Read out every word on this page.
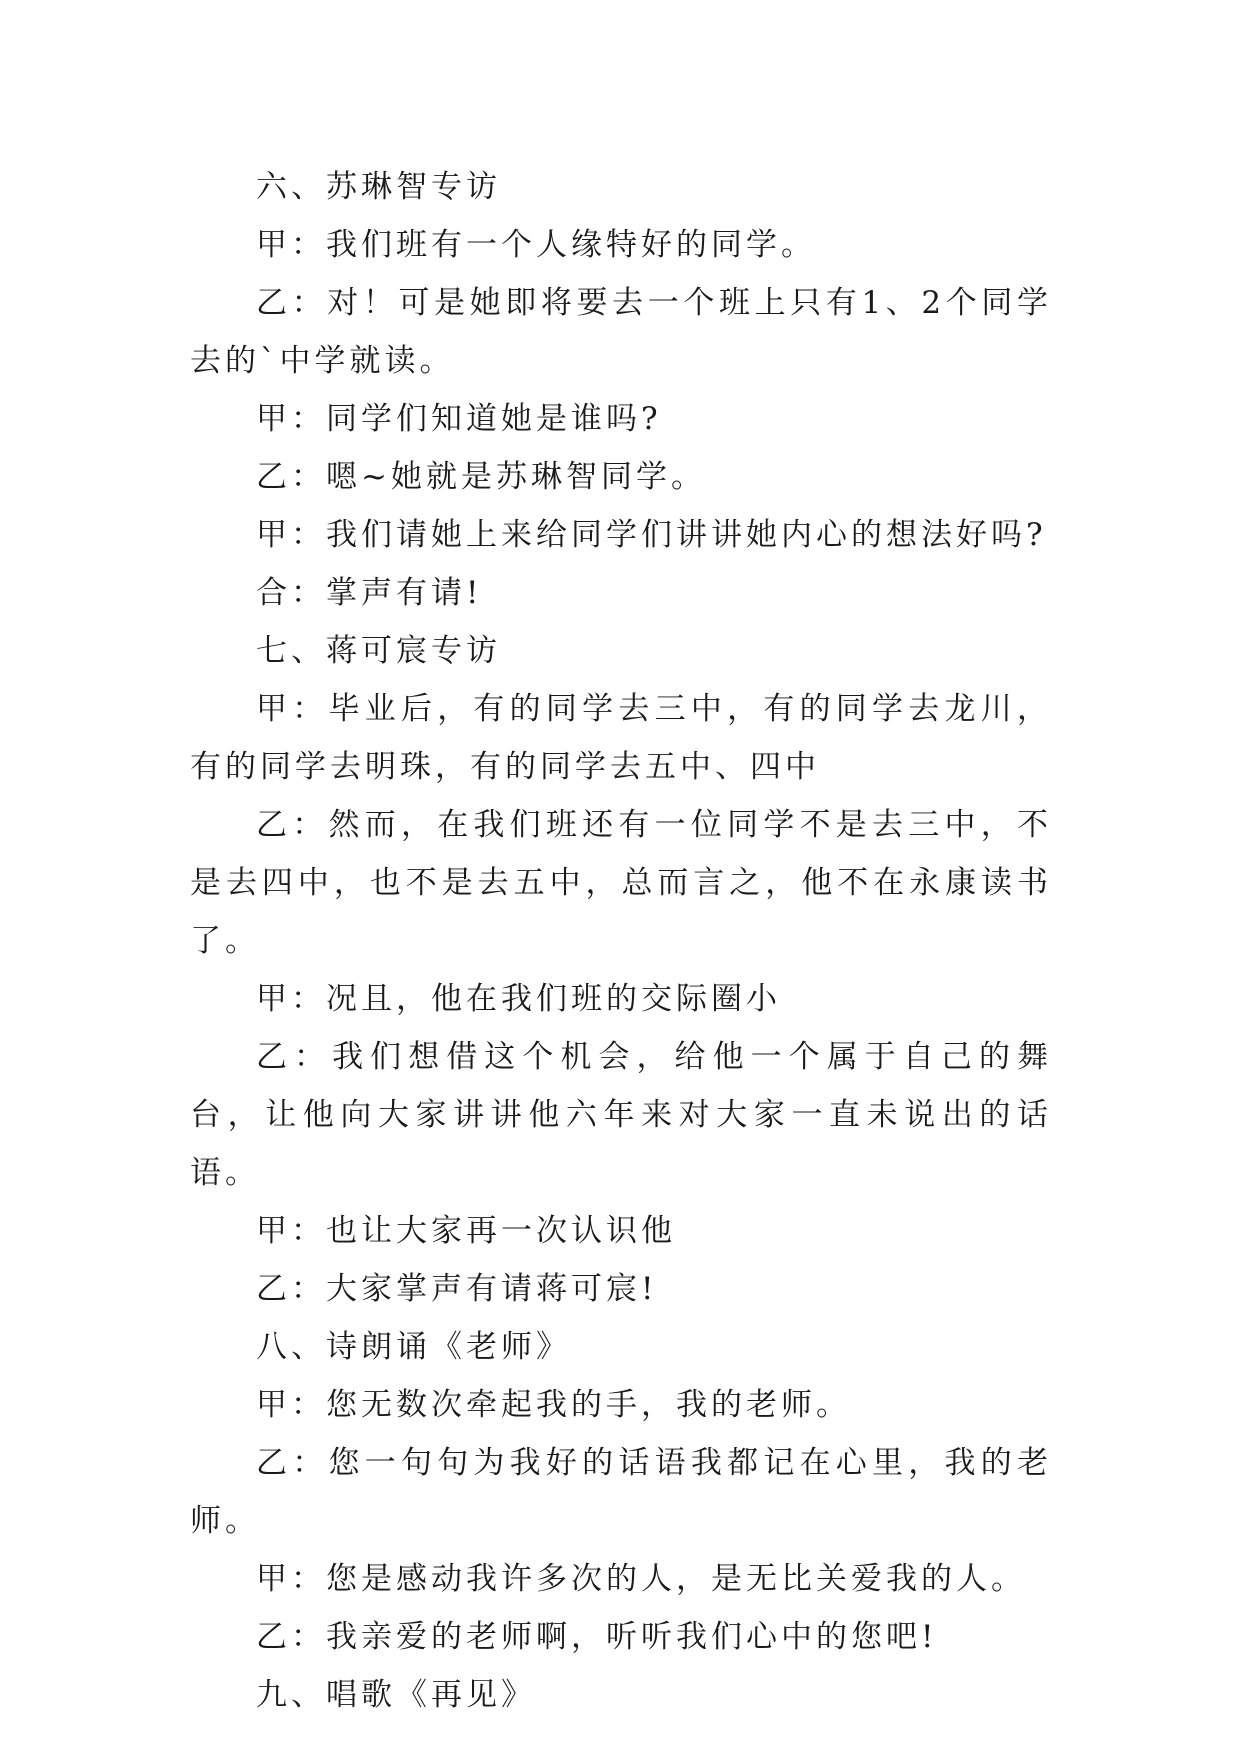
六、苏琳智专访

甲：我们班有一个人缘特好的同学。

乙：对！可是她即将要去一个班上只有1、2个同学去的`中学就读。

甲：同学们知道她是谁吗?

乙：嗯~她就是苏琳智同学。

甲：我们请她上来给同学们讲讲她内心的想法好吗?

合：掌声有请!

七、蒋可宸专访

甲：毕业后，有的同学去三中，有的同学去龙川，有的同学去明珠，有的同学去五中、四中

乙：然而，在我们班还有一位同学不是去三中，不是去四中，也不是去五中，总而言之，他不在永康读书了。

甲：况且，他在我们班的交际圈小

乙：我们想借这个机会，给他一个属于自己的舞台，让他向大家讲讲他六年来对大家一直未说出的话语。

甲：也让大家再一次认识他

乙：大家掌声有请蒋可宸!

八、诗朗诵《老师》

甲：您无数次牵起我的手，我的老师。

乙：您一句句为我好的话语我都记在心里，我的老师。

甲：您是感动我许多次的人，是无比关爱我的人。

乙：我亲爱的老师啊，听听我们心中的您吧!

九、唱歌《再见》
